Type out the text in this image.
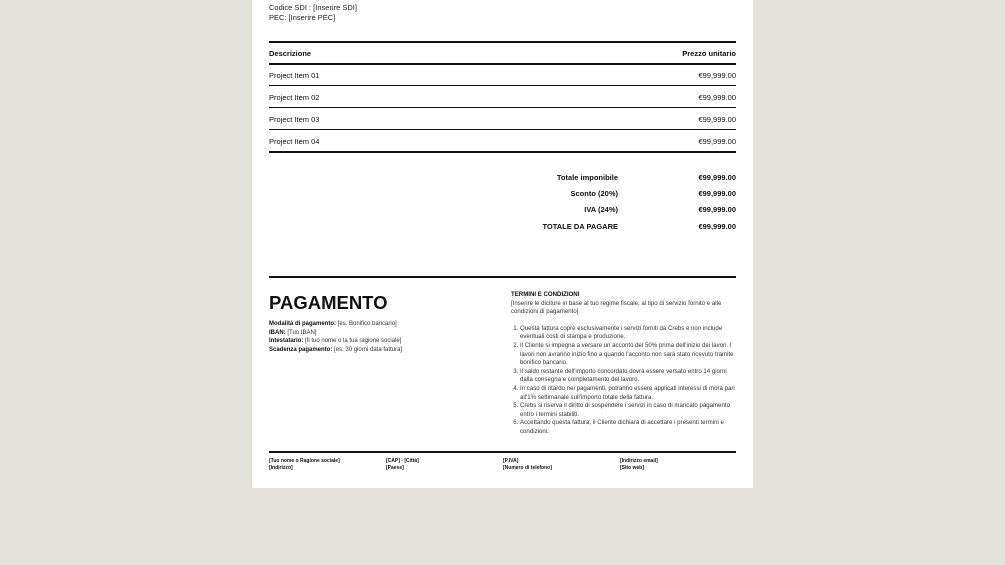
Codice SDI : [Inserire SDI]
PEC: [Inserire PEC]
Descrizione	Prezzo unitario
Project Item 01	€99,999.00
Project Item 02	€99,999.00
Project Item 03	€99,999.00
Project Item 04	€99,999.00
Totale imponibile	€99,999.00
Sconto (20%)	€99,999.00
IVA (24%)	€99,999.00
TOTALE DA PAGARE	€99,999.00
PAGAMENTO
Modalità di pagamento: [es. Bonifico bancario]
IBAN: [Tuo IBAN]
Intestatario: [Il tuo nome o la tua ragione sociale]
Scadenza pagamento: [es. 30 giorni data fattura]
TERMINI E CONDIZIONI
[Inserire le diciture in base al tuo regime fiscale, al tipo di servizio fornito e alle condizioni di pagamento]
1. Questa fattura copre esclusivamente i servizi forniti da Crebs e non include eventuali costi di stampa e produzione.
2. Il Cliente si impegna a versare un acconto del 50% prima dell'inizio dei lavori. I lavori non avranno inizio fino a quando l'acconto non sarà stato ricevuto tramite bonifico bancario.
3. Il saldo restante dell'importo concordato dovrà essere versato entro 14 giorni dalla consegna e completamento del lavoro.
4. In caso di ritardo nei pagamenti, potranno essere applicati interessi di mora pari all'1% settimanale sull'importo totale della fattura.
5. Crebs si riserva il diritto di sospendere i servizi in caso di mancato pagamento entro i termini stabiliti.
6. Accettando questa fattura, il Cliente dichiara di accettare i presenti termini e condizioni.
[Tuo nome o Ragione sociale]
[Indirizzo]
[CAP] - [Città]
[Paese]
[P.IVA]
[Numero di telefono]
[Indirizzo email]
[Sito web]
